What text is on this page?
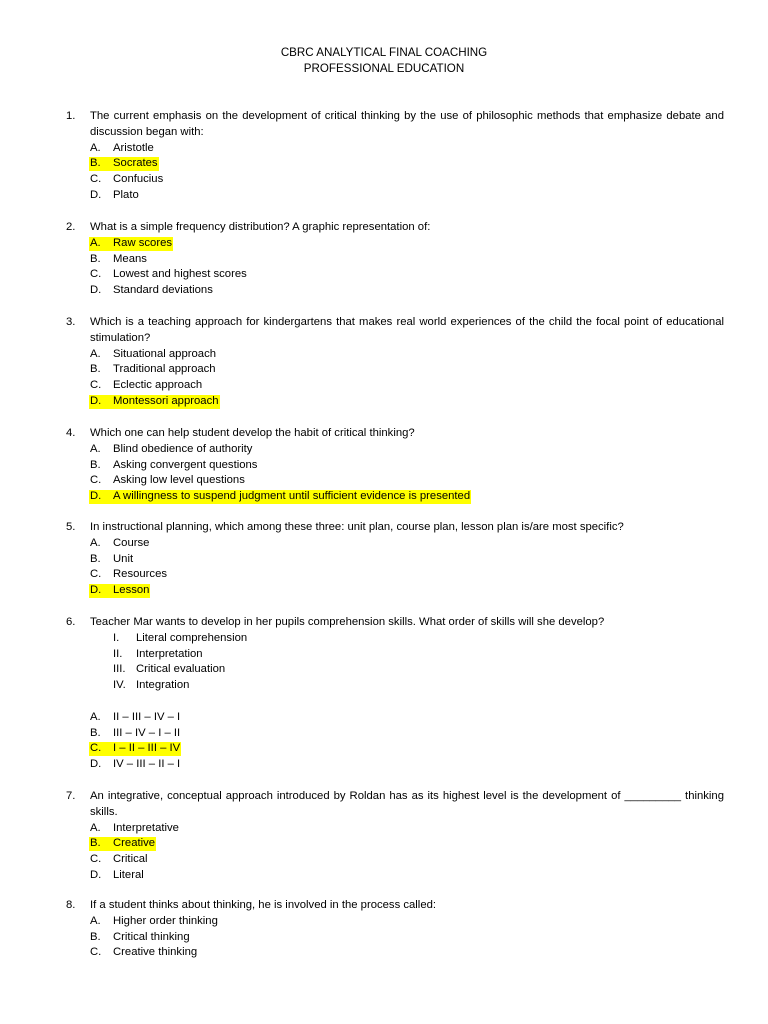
CBRC ANALYTICAL FINAL COACHING
PROFESSIONAL EDUCATION
1. The current emphasis on the development of critical thinking by the use of philosophic methods that emphasize debate and discussion began with:
A. Aristotle
B. Socrates
C. Confucius
D. Plato
2. What is a simple frequency distribution? A graphic representation of:
A. Raw scores
B. Means
C. Lowest and highest scores
D. Standard deviations
3. Which is a teaching approach for kindergartens that makes real world experiences of the child the focal point of educational stimulation?
A. Situational approach
B. Traditional approach
C. Eclectic approach
D. Montessori approach
4. Which one can help student develop the habit of critical thinking?
A. Blind obedience of authority
B. Asking convergent questions
C. Asking low level questions
D. A willingness to suspend judgment until sufficient evidence is presented
5. In instructional planning, which among these three: unit plan, course plan, lesson plan is/are most specific?
A. Course
B. Unit
C. Resources
D. Lesson
6. Teacher Mar wants to develop in her pupils comprehension skills. What order of skills will she develop?
I. Literal comprehension
II. Interpretation
III. Critical evaluation
IV. Integration
A. II – III – IV – I
B. III – IV – I – II
C. I – II – III – IV
D. IV – III – II – I
7. An integrative, conceptual approach introduced by Roldan has as its highest level is the development of _________ thinking skills.
A. Interpretative
B. Creative
C. Critical
D. Literal
8. If a student thinks about thinking, he is involved in the process called:
A. Higher order thinking
B. Critical thinking
C. Creative thinking
